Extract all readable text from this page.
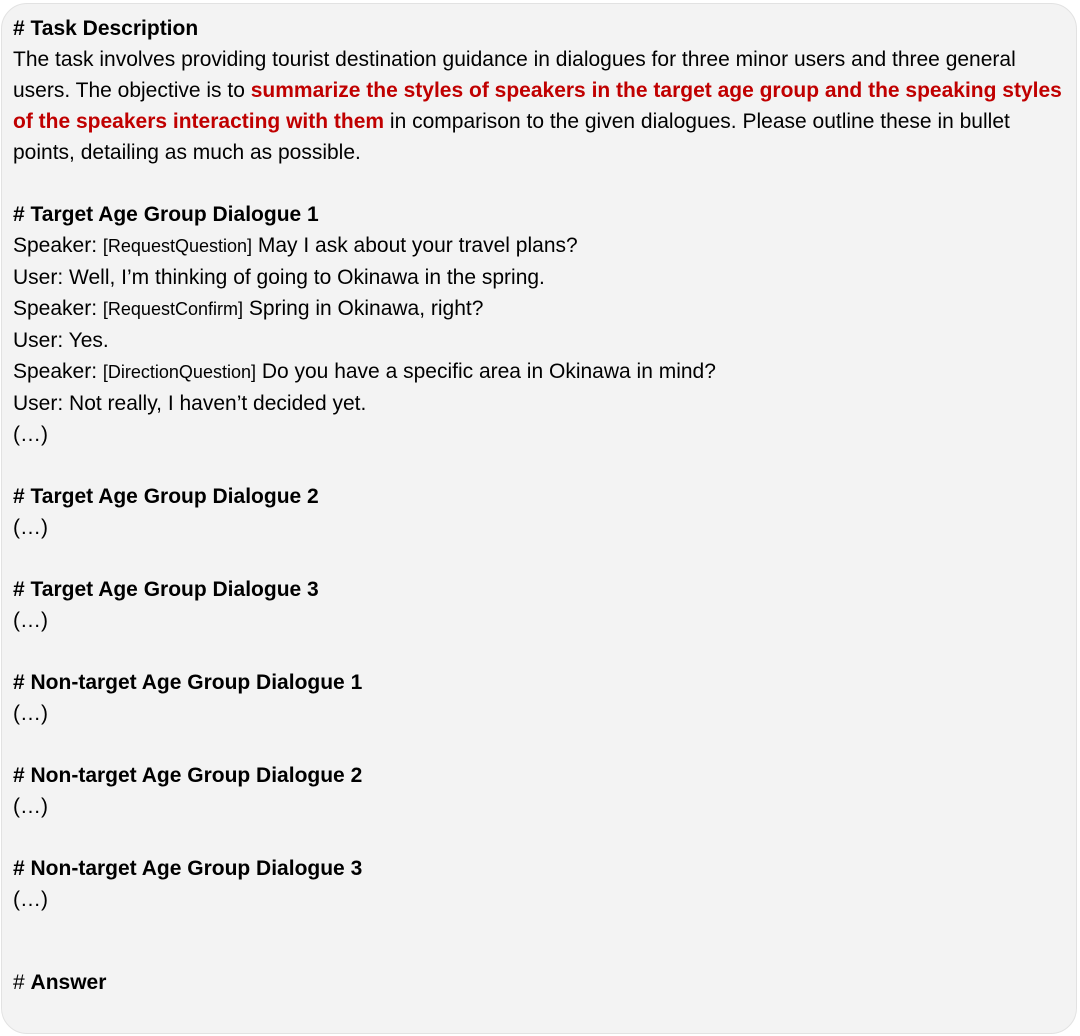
# Task Description

The task involves providing tourist destination guidance in dialogues for three minor users and three general users. The objective is to summarize the styles of speakers in the target age group and the speaking styles of the speakers interacting with them in comparison to the given dialogues. Please outline these in bullet points, detailing as much as possible.

# Target Age Group Dialogue 1

Speaker: [RequestQuestion] May I ask about your travel plans?

User: Well, I’m thinking of going to Okinawa in the spring.

Speaker: [RequestConfirm] Spring in Okinawa, right?

User: Yes.

Speaker: [DirectionQuestion] Do you have a specific area in Okinawa in mind?

User: Not really, I haven’t decided yet.

(…)

# Target Age Group Dialogue 2

(…)

# Target Age Group Dialogue 3

(…)

# Non-target Age Group Dialogue 1

(…)

# Non-target Age Group Dialogue 2

(…)

# Non-target Age Group Dialogue 3

(…)

# Answer
